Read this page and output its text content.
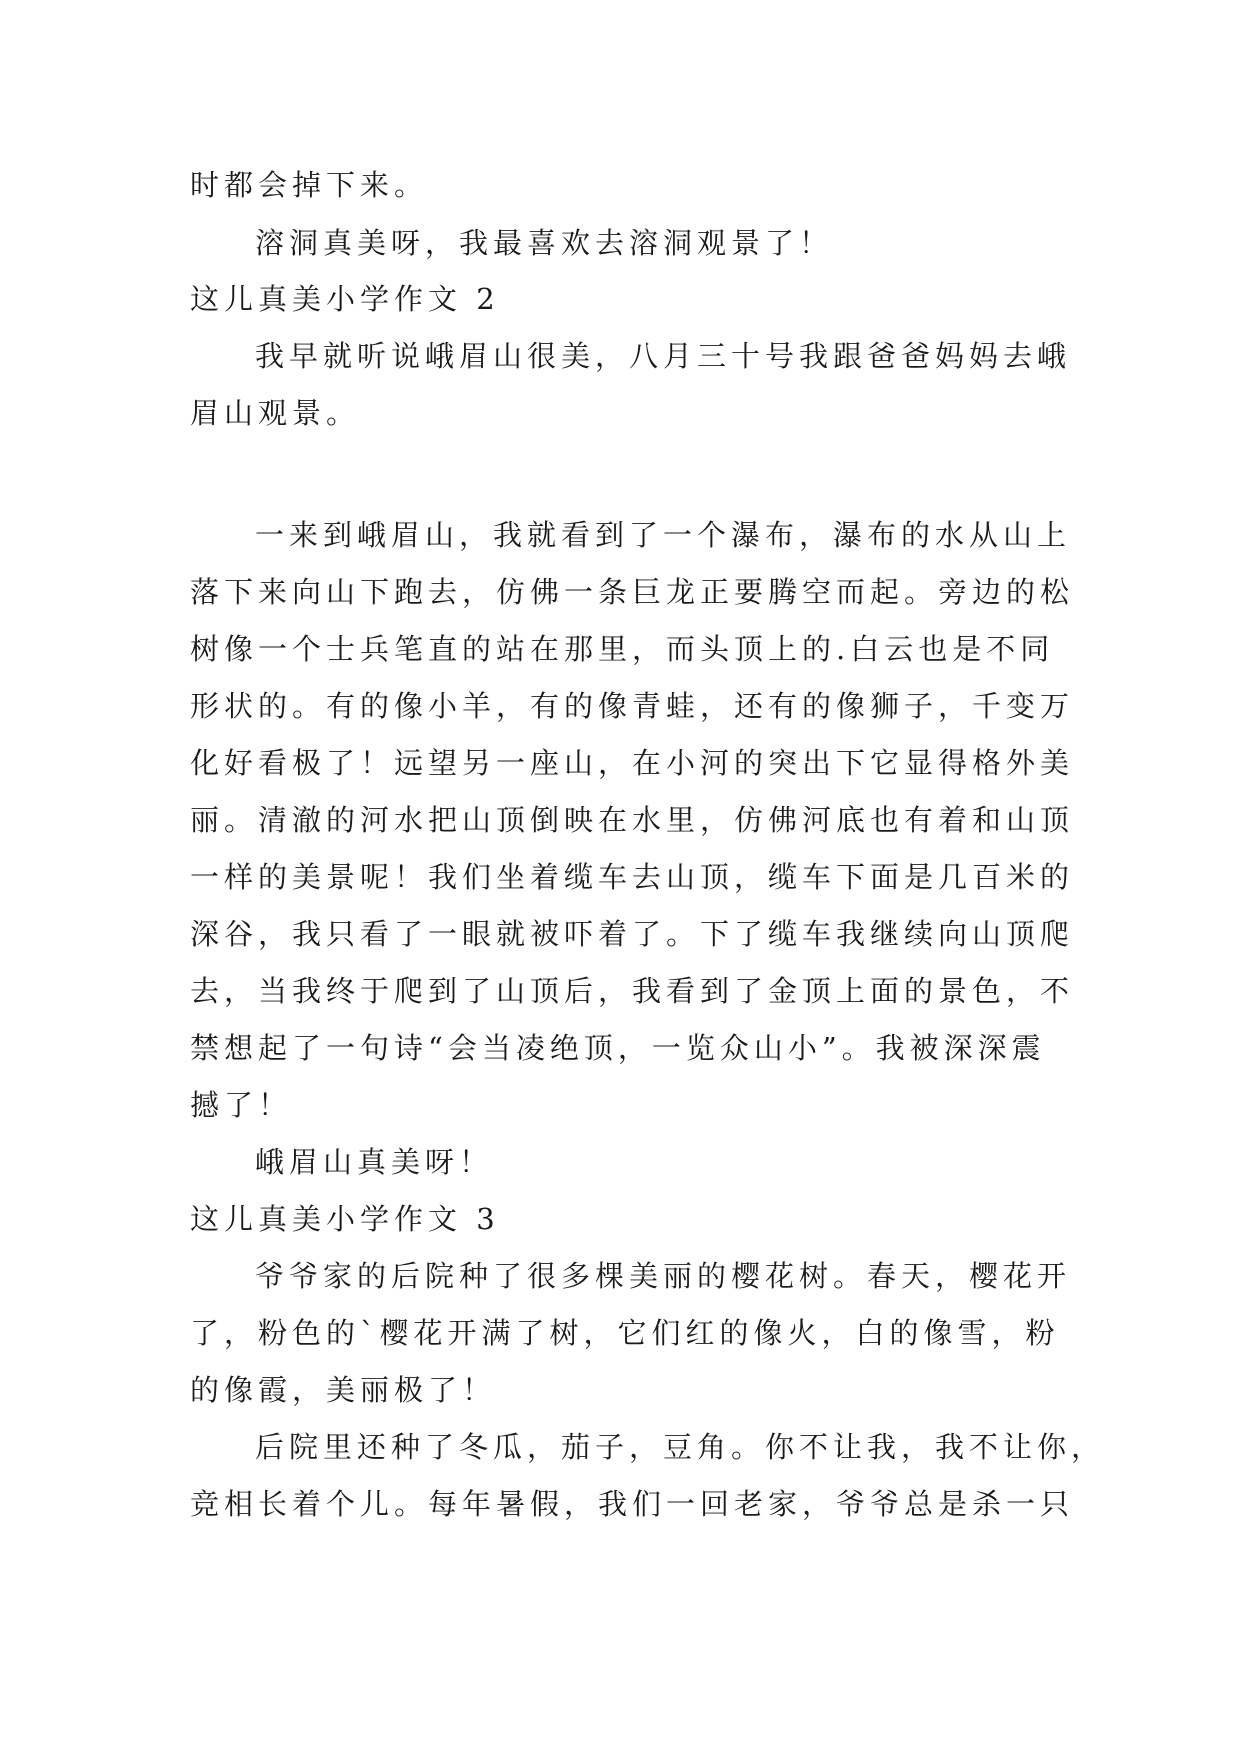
时都会掉下来。
溶洞真美呀，我最喜欢去溶洞观景了！
这儿真美小学作文 2
我早就听说峨眉山很美，八月三十号我跟爸爸妈妈去峨
眉山观景。
一来到峨眉山，我就看到了一个瀑布，瀑布的水从山上
落下来向山下跑去，仿佛一条巨龙正要腾空而起。旁边的松
树像一个士兵笔直的站在那里，而头顶上的.白云也是不同
形状的。有的像小羊，有的像青蛙，还有的像狮子，千变万
化好看极了！远望另一座山，在小河的突出下它显得格外美
丽。清澈的河水把山顶倒映在水里，仿佛河底也有着和山顶
一样的美景呢！我们坐着缆车去山顶，缆车下面是几百米的
深谷，我只看了一眼就被吓着了。下了缆车我继续向山顶爬
去，当我终于爬到了山顶后，我看到了金顶上面的景色，不
禁想起了一句诗“会当凌绝顶，一览众山小”。我被深深震
撼了！
峨眉山真美呀！
这儿真美小学作文 3
爷爷家的后院种了很多棵美丽的樱花树。春天，樱花开
了，粉色的`樱花开满了树，它们红的像火，白的像雪，粉
的像霞，美丽极了！
后院里还种了冬瓜，茄子，豆角。你不让我，我不让你，
竞相长着个儿。每年暑假，我们一回老家，爷爷总是杀一只
